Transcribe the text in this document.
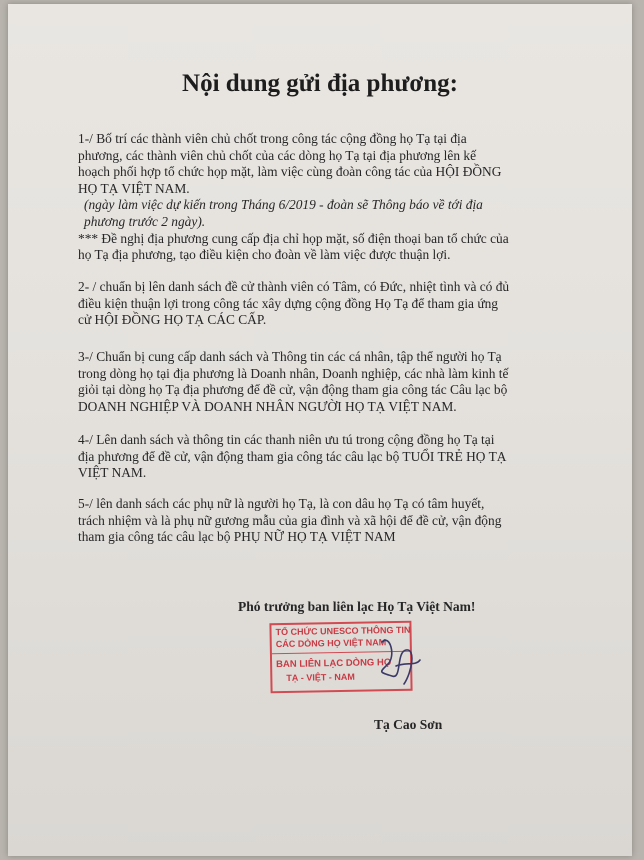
Nội dung gửi địa phương:
1-/ Bố trí các thành viên chủ chốt trong công tác cộng đồng họ Tạ tại địa
phương, các thành viên chủ chốt của các dòng họ Tạ tại địa phương lên kế
hoạch phối hợp tổ chức họp mặt, làm việc cùng đoàn công tác của HỘI ĐỒNG
HỌ TẠ VIỆT NAM.
(ngày làm việc dự kiến trong Tháng 6/2019 - đoàn sẽ Thông báo về tới địa
phương trước 2 ngày).
*** Đề nghị địa phương cung cấp địa chỉ họp mặt, số điện thoại ban tổ chức của
họ Tạ địa phương, tạo điều kiện cho đoàn về làm việc được thuận lợi.
2- / chuẩn bị lên danh sách đề cử thành viên có Tâm, có Đức, nhiệt tình và có đủ
điều kiện thuận lợi trong công tác xây dựng cộng đồng Họ Tạ để tham gia ứng
cử HỘI ĐỒNG HỌ TẠ CÁC CẤP.
3-/ Chuẩn bị cung cấp danh sách và Thông tin các cá nhân, tập thể người họ Tạ
trong dòng họ tại địa phương là Doanh nhân, Doanh nghiệp, các nhà làm kinh tế
giỏi tại dòng họ Tạ địa phương để đề cử, vận động tham gia công tác Câu lạc bộ
DOANH NGHIỆP VÀ DOANH NHÂN NGƯỜI HỌ TẠ VIỆT NAM.
4-/ Lên danh sách và thông tin các thanh niên ưu tú trong cộng đồng họ Tạ tại
địa phương để đề cử, vận động tham gia công tác câu lạc bộ TUỔI TRẺ HỌ TẠ
VIỆT NAM.
5-/ lên danh sách các phụ nữ là người họ Tạ, là con dâu họ Tạ có tâm huyết,
trách nhiệm và là phụ nữ gương mẫu của gia đình và xã hội để đề cử, vận động
tham gia công tác câu lạc bộ PHỤ NỮ HỌ TẠ VIỆT NAM
Phó trưởng ban liên lạc Họ Tạ Việt Nam!
TỔ CHỨC UNESCO THÔNG TIN
CÁC DÒNG HỌ VIỆT NAM
BAN LIÊN LẠC DÒNG HỌ
TẠ - VIỆT - NAM
Tạ Cao Sơn
